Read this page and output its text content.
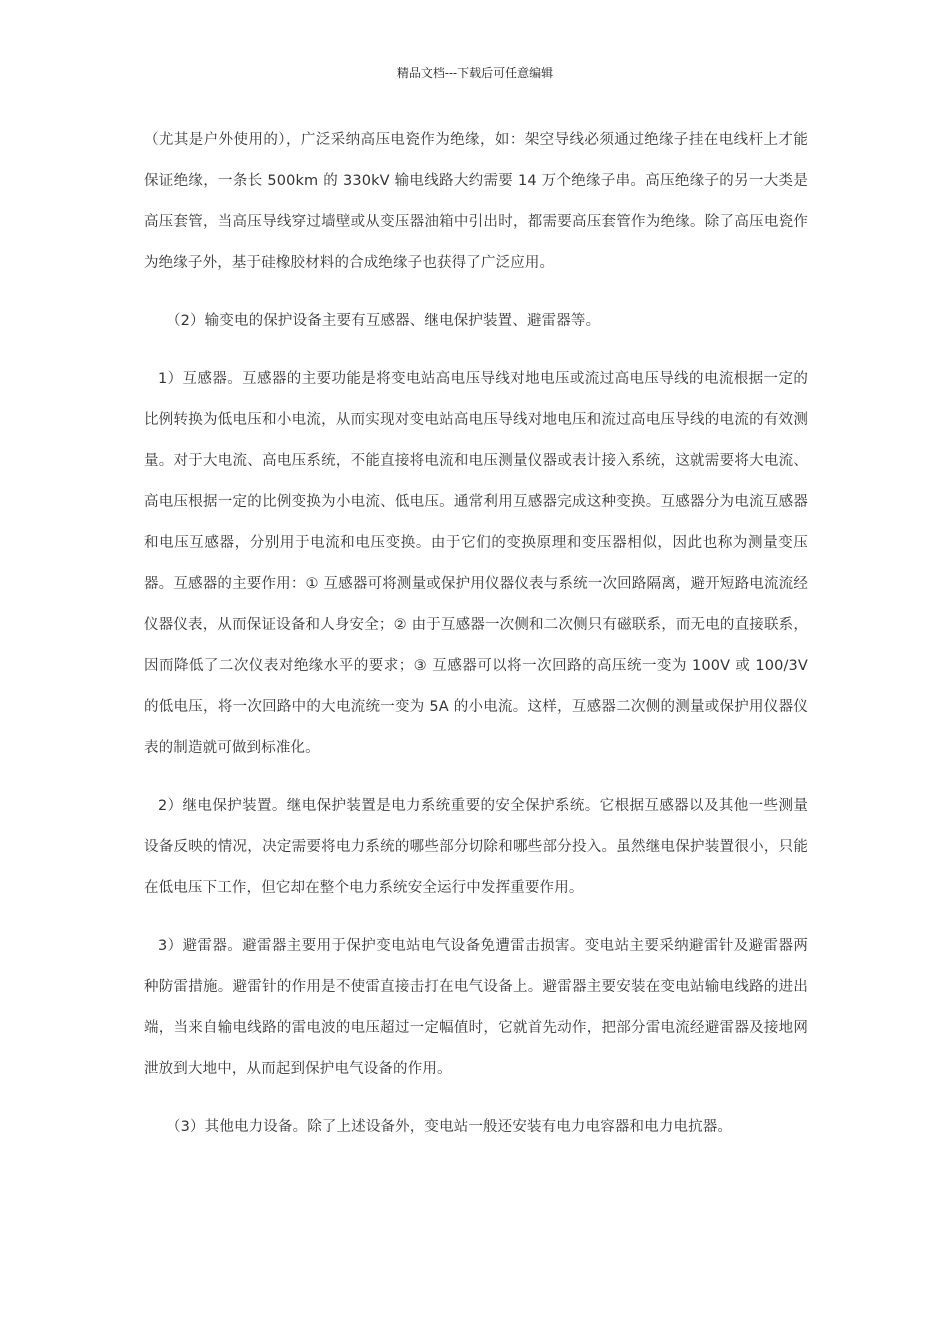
精品文档---下载后可任意编辑

（尤其是户外使用的），广泛采纳高压电瓷作为绝缘，如：架空导线必须通过绝缘子挂在电线杆上才能保证绝缘，一条长 500km 的 330kV 输电线路大约需要 14 万个绝缘子串。高压绝缘子的另一大类是高压套管，当高压导线穿过墙壁或从变压器油箱中引出时，都需要高压套管作为绝缘。除了高压电瓷作为绝缘子外，基于硅橡胶材料的合成绝缘子也获得了广泛应用。

（2）输变电的保护设备主要有互感器、继电保护装置、避雷器等。

1）互感器。互感器的主要功能是将变电站高电压导线对地电压或流过高电压导线的电流根据一定的比例转换为低电压和小电流，从而实现对变电站高电压导线对地电压和流过高电压导线的电流的有效测量。对于大电流、高电压系统，不能直接将电流和电压测量仪器或表计接入系统，这就需要将大电流、高电压根据一定的比例变换为小电流、低电压。通常利用互感器完成这种变换。互感器分为电流互感器和电压互感器，分别用于电流和电压变换。由于它们的变换原理和变压器相似，因此也称为测量变压器。互感器的主要作用：① 互感器可将测量或保护用仪器仪表与系统一次回路隔离，避开短路电流流经仪器仪表，从而保证设备和人身安全；② 由于互感器一次侧和二次侧只有磁联系，而无电的直接联系，因而降低了二次仪表对绝缘水平的要求；③ 互感器可以将一次回路的高压统一变为 100V 或 100/3V 的低电压，将一次回路中的大电流统一变为 5A 的小电流。这样，互感器二次侧的测量或保护用仪器仪表的制造就可做到标准化。

2）继电保护装置。继电保护装置是电力系统重要的安全保护系统。它根据互感器以及其他一些测量设备反映的情况，决定需要将电力系统的哪些部分切除和哪些部分投入。虽然继电保护装置很小，只能在低电压下工作，但它却在整个电力系统安全运行中发挥重要作用。

3）避雷器。避雷器主要用于保护变电站电气设备免遭雷击损害。变电站主要采纳避雷针及避雷器两种防雷措施。避雷针的作用是不使雷直接击打在电气设备上。避雷器主要安装在变电站输电线路的进出端，当来自输电线路的雷电波的电压超过一定幅值时，它就首先动作，把部分雷电流经避雷器及接地网泄放到大地中，从而起到保护电气设备的作用。

（3）其他电力设备。除了上述设备外，变电站一般还安装有电力电容器和电力电抗器。
